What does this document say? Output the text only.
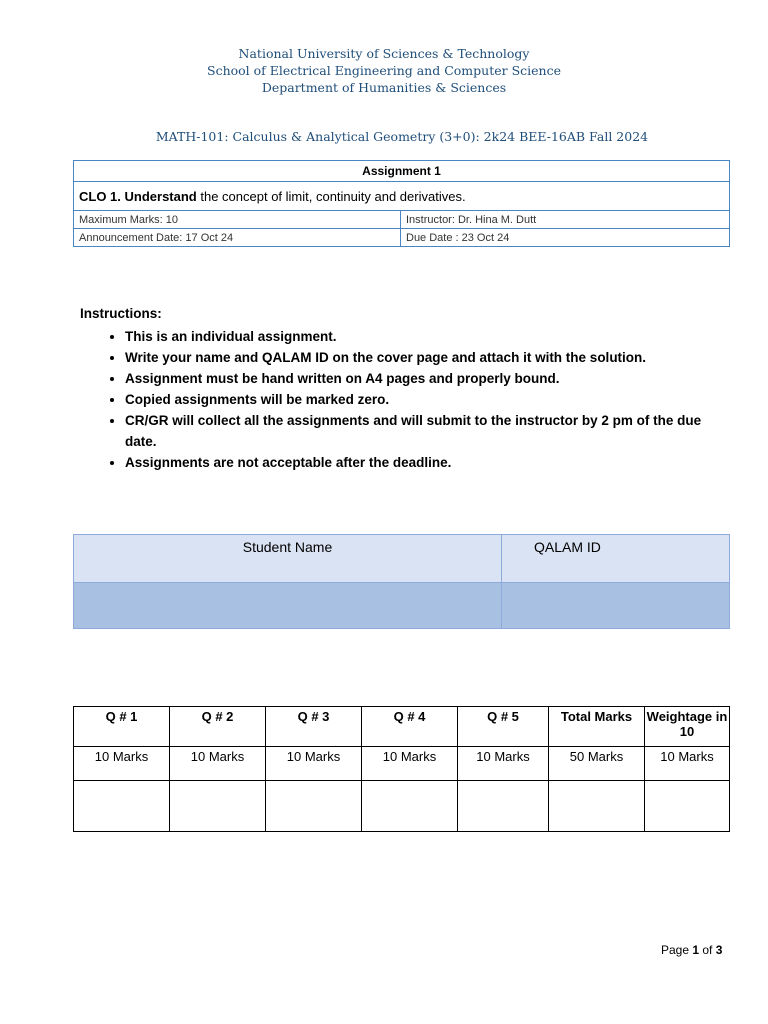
National University of Sciences & Technology
School of Electrical Engineering and Computer Science
Department of Humanities & Sciences
MATH-101: Calculus & Analytical Geometry (3+0): 2k24 BEE-16AB Fall 2024
Assignment 1	
CLO 1. Understand the concept of limit, continuity and derivatives.	
Maximum Marks: 10	Instructor: Dr. Hina M. Dutt
Announcement Date: 17 Oct 24	Due Date : 23 Oct 24
Instructions:
• This is an individual assignment.
• Write your name and QALAM ID on the cover page and attach it with the solution.
• Assignment must be hand written on A4 pages and properly bound.
• Copied assignments will be marked zero.
• CR/GR will collect all the assignments and will submit to the instructor by 2 pm of the due date.
• Assignments are not acceptable after the deadline.
Student Name	QALAM ID

Q # 1	Q # 2	Q # 3	Q # 4	Q # 5	Total Marks	Weightage in 10
10 Marks	10 Marks	10 Marks	10 Marks	10 Marks	50 Marks	10 Marks

Page 1 of 3
